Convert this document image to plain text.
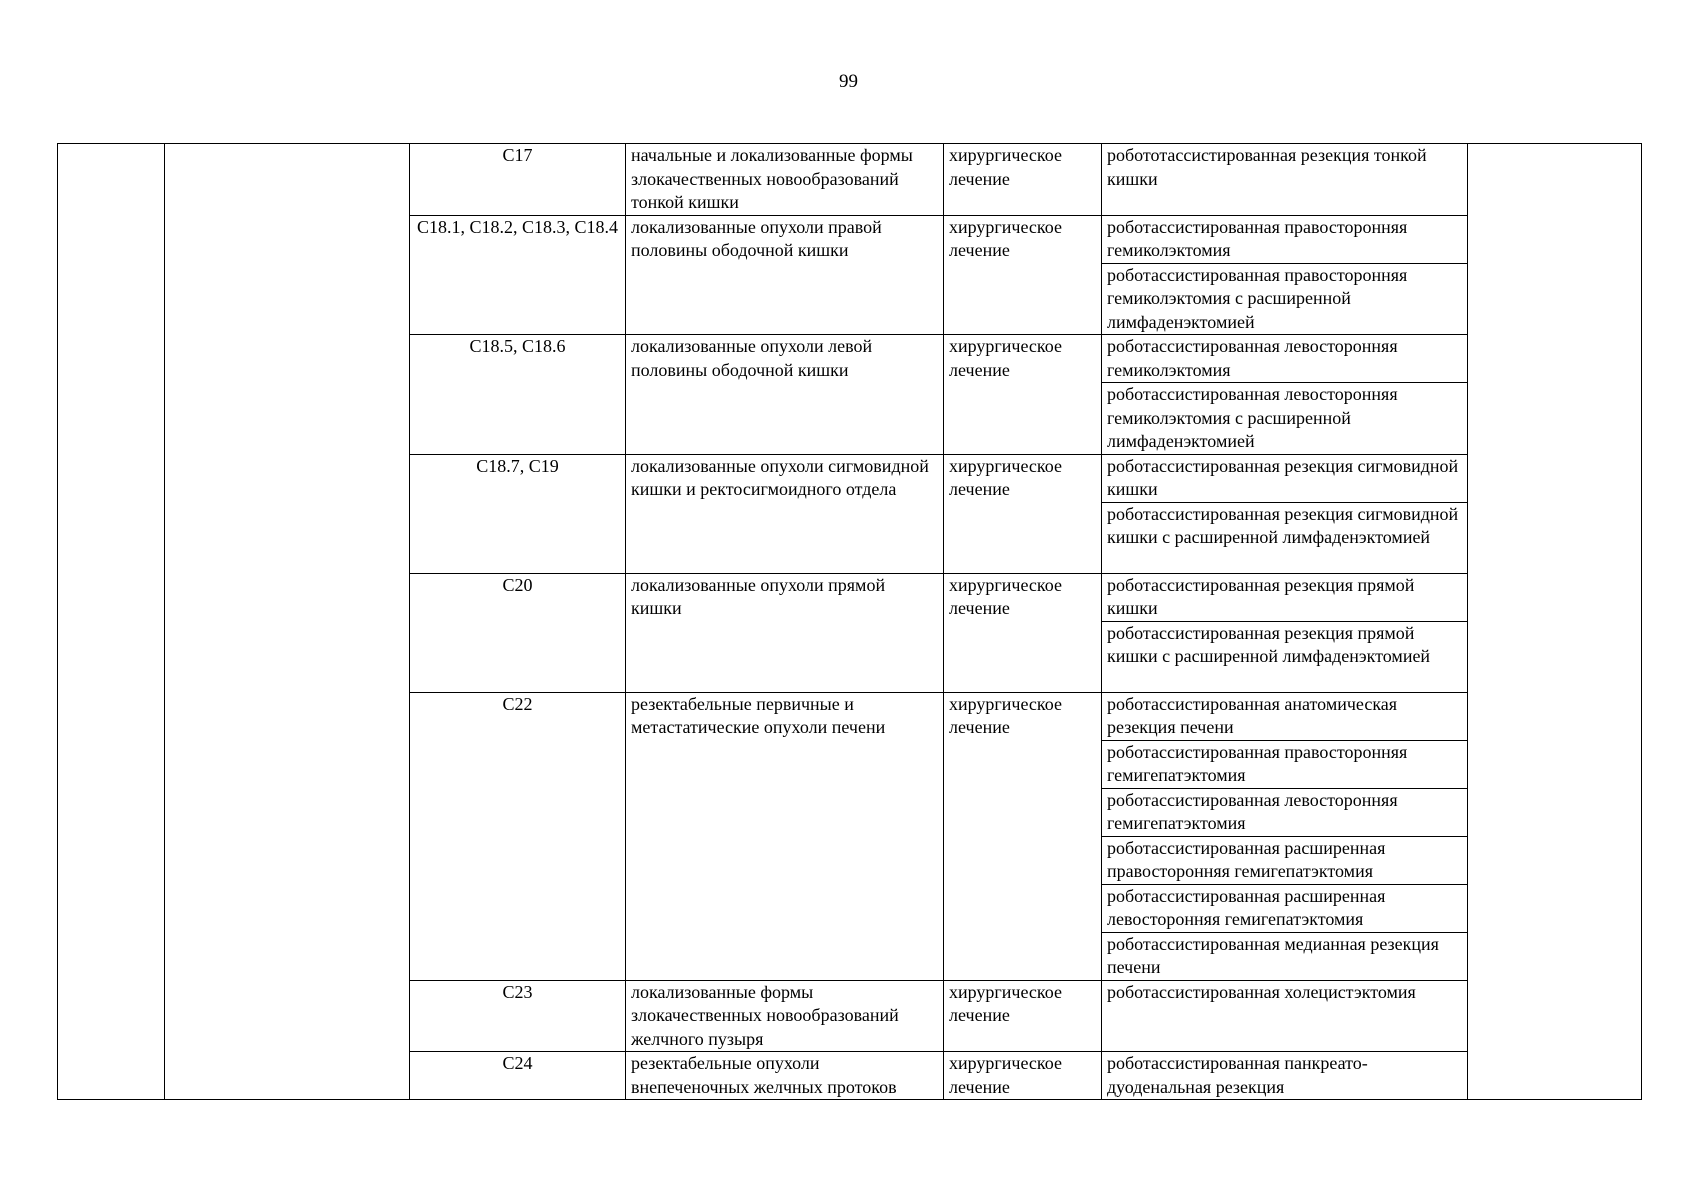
99
		C17	начальные и локализованные формы злокачественных новообразований тонкой кишки	хирургическое лечение	робототассистированная резекция тонкой кишки	
		C18.1, C18.2, C18.3, C18.4	локализованные опухоли правой половины ободочной кишки	хирургическое лечение	роботассистированная правосторонняя гемиколэктомия	
					роботассистированная правосторонняя гемиколэктомия с расширенной лимфаденэктомией	
		C18.5, C18.6	локализованные опухоли левой половины ободочной кишки	хирургическое лечение	роботассистированная левосторонняя гемиколэктомия	
					роботассистированная левосторонняя гемиколэктомия с расширенной лимфаденэктомией	
		C18.7, C19	локализованные опухоли сигмовидной кишки и ректосигмоидного отдела	хирургическое лечение	роботассистированная резекция сигмовидной кишки	
					роботассистированная резекция сигмовидной кишки с расширенной лимфаденэктомией	
		C20	локализованные опухоли прямой кишки	хирургическое лечение	роботассистированная резекция прямой кишки	
					роботассистированная резекция прямой кишки с расширенной лимфаденэктомией	
		C22	резектабельные первичные и метастатические опухоли печени	хирургическое лечение	роботассистированная анатомическая резекция печени	
					роботассистированная правосторонняя гемигепатэктомия	
					роботассистированная левосторонняя гемигепатэктомия	
					роботассистированная расширенная правосторонняя гемигепатэктомия	
					роботассистированная расширенная левосторонняя гемигепатэктомия	
					роботассистированная медианная резекция печени	
		C23	локализованные формы злокачественных новообразований желчного пузыря	хирургическое лечение	роботассистированная холецистэктомия	
		C24	резектабельные опухоли внепеченочных желчных протоков	хирургическое лечение	роботассистированная панкреато-дуоденальная резекция	
